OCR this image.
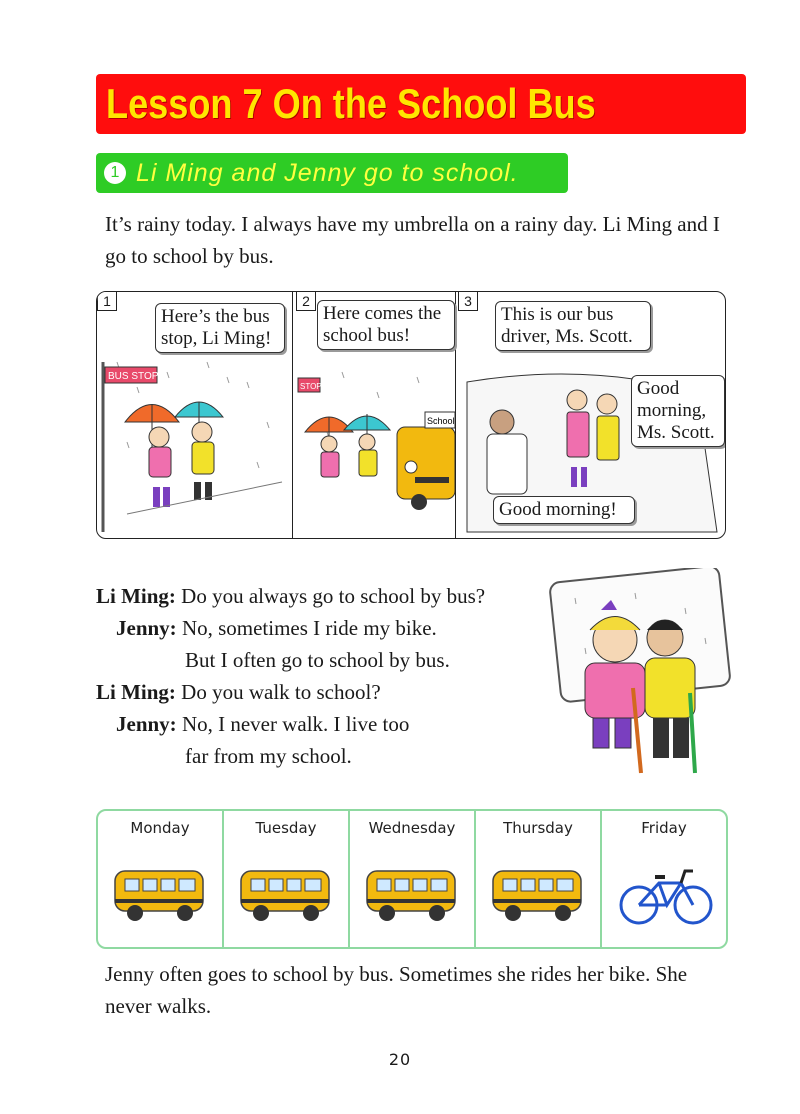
Lesson 7 On the School Bus
1 Li Ming and Jenny go to school.
It’s rainy today. I always have my umbrella on a rainy day. Li Ming and I go to school by bus.
BUS STOP
STOP
School
1	2	3
Here’s the bus stop, Li Ming!
Here comes the school bus!
This is our bus driver, Ms. Scott.
Good morning, Ms. Scott.
Good morning!
Li Ming: Do you always go to school by bus?
Jenny: No, sometimes I ride my bike.
But I often go to school by bus.
Li Ming: Do you walk to school?
Jenny: No, I never walk. I live too
far from my school.
Monday	Tuesday	Wednesday	Thursday	Friday
Jenny often goes to school by bus. Sometimes she rides her bike. She never walks.
20
